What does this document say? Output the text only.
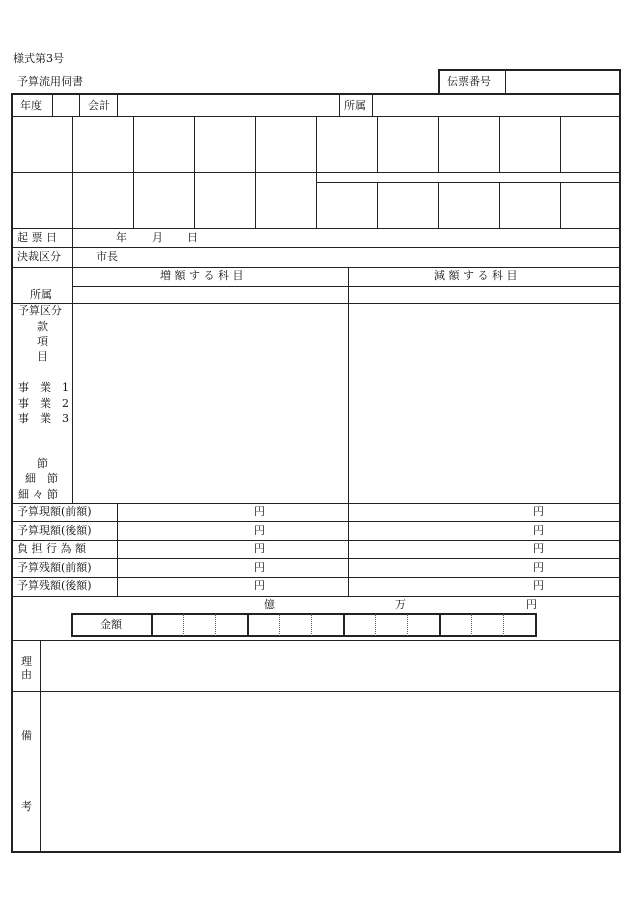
様式第3号
予算流用伺書	伝票番号
年度	会計	所属
起 票 日	年 月 日
決裁区分	市長
増 額 す る 科 目	減 額 す る 科 目
所属
予算区分
款
項
目
事　業　1
事　業　2
事　業　3
節
細　節
細 々 節
予算現額(前額)	円	円
予算現額(後額)	円	円
負 担 行 為 額	円	円
予算残額(前額)	円	円
予算残額(後額)	円	円
億	万	円
金額
理
由
備
考
